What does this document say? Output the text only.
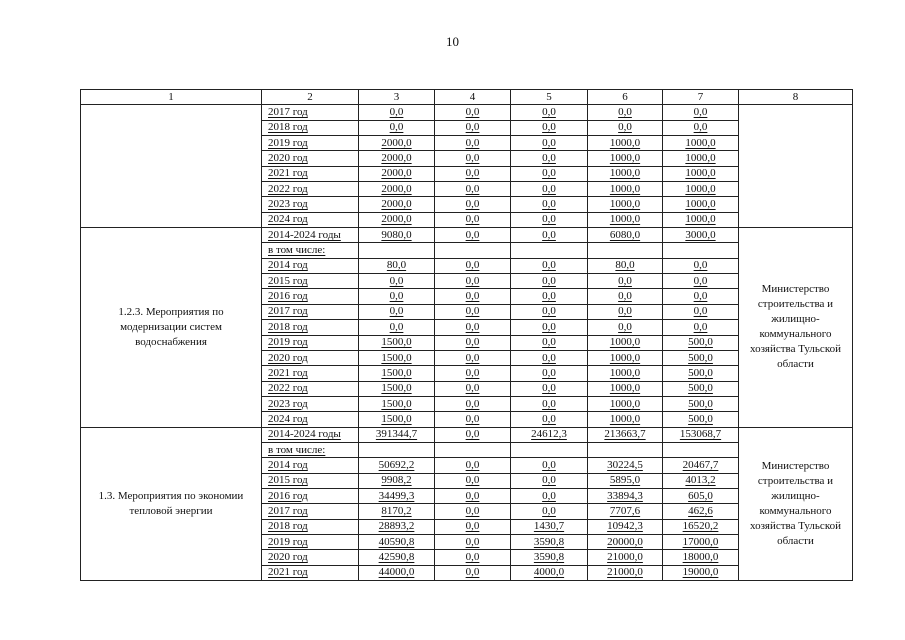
10
1	2	3	4	5	6	7	8
	2017 год	0,0	0,0	0,0	0,0	0,0	
	2018 год	0,0	0,0	0,0	0,0	0,0	
	2019 год	2000,0	0,0	0,0	1000,0	1000,0	
	2020 год	2000,0	0,0	0,0	1000,0	1000,0	
	2021 год	2000,0	0,0	0,0	1000,0	1000,0	
	2022 год	2000,0	0,0	0,0	1000,0	1000,0	
	2023 год	2000,0	0,0	0,0	1000,0	1000,0	
	2024 год	2000,0	0,0	0,0	1000,0	1000,0	
1.2.3. Мероприятия по модернизации систем водоснабжения	2014-2024 годы	9080,0	0,0	0,0	6080,0	3000,0	Министерство строительства и жилищно-коммунального хозяйства Тульской области
	в том числе:						
	2014 год	80,0	0,0	0,0	80,0	0,0	
	2015 год	0,0	0,0	0,0	0,0	0,0	
	2016 год	0,0	0,0	0,0	0,0	0,0	
	2017 год	0,0	0,0	0,0	0,0	0,0	
	2018 год	0,0	0,0	0,0	0,0	0,0	
	2019 год	1500,0	0,0	0,0	1000,0	500,0	
	2020 год	1500,0	0,0	0,0	1000,0	500,0	
	2021 год	1500,0	0,0	0,0	1000,0	500,0	
	2022 год	1500,0	0,0	0,0	1000,0	500,0	
	2023 год	1500,0	0,0	0,0	1000,0	500,0	
	2024 год	1500,0	0,0	0,0	1000,0	500,0	
1.3. Мероприятия по экономии тепловой энергии	2014-2024 годы	391344,7	0,0	24612,3	213663,7	153068,7	Министерство строительства и жилищно-коммунального хозяйства Тульской области
	в том числе:						
	2014 год	50692,2	0,0	0,0	30224,5	20467,7	
	2015 год	9908,2	0,0	0,0	5895,0	4013,2	
	2016 год	34499,3	0,0	0,0	33894,3	605,0	
	2017 год	8170,2	0,0	0,0	7707,6	462,6	
	2018 год	28893,2	0,0	1430,7	10942,3	16520,2	
	2019 год	40590,8	0,0	3590,8	20000,0	17000,0	
	2020 год	42590,8	0,0	3590,8	21000,0	18000,0	
	2021 год	44000,0	0,0	4000,0	21000,0	19000,0	
